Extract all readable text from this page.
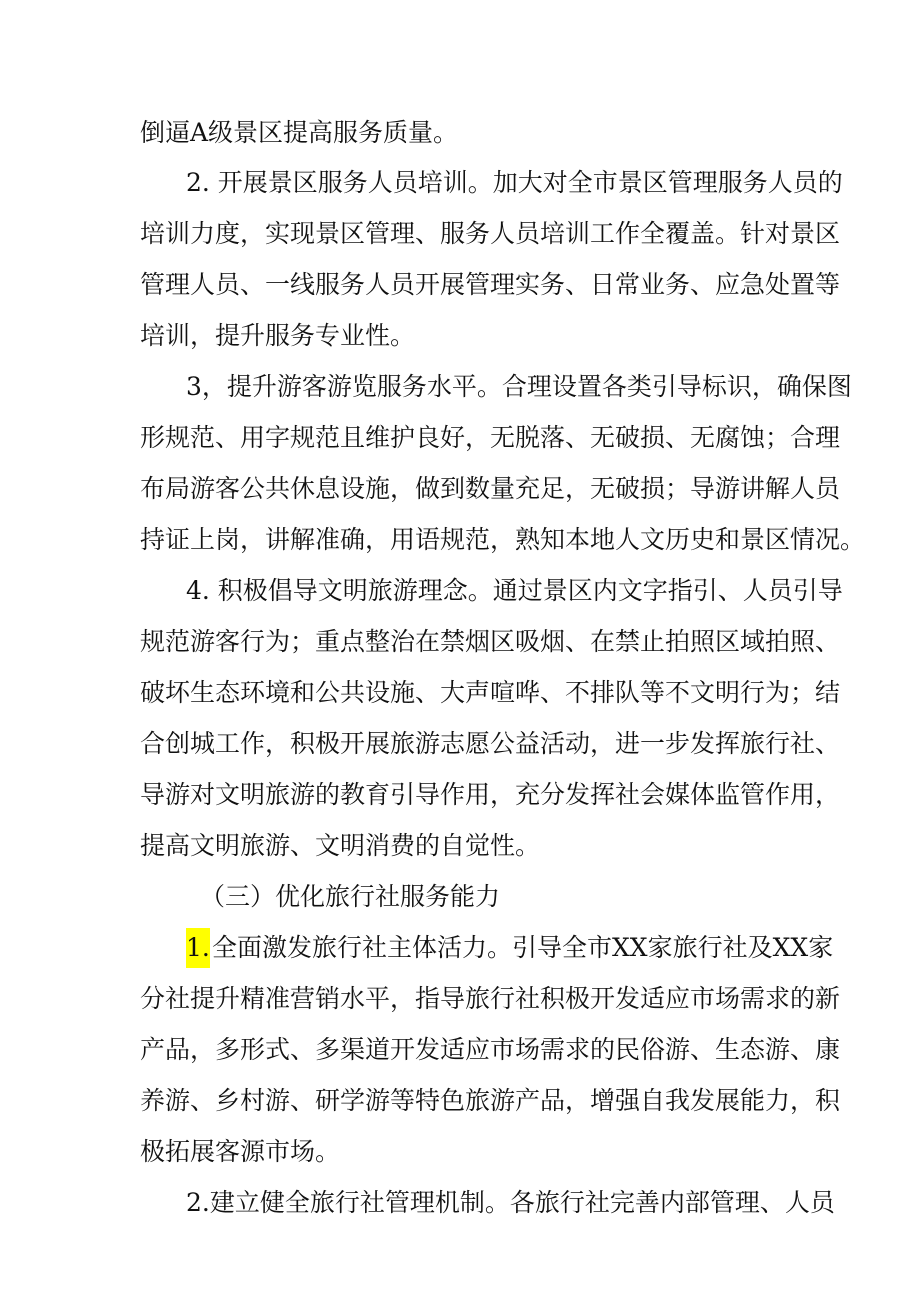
倒逼A级景区提高服务质量。
2. 开展景区服务人员培训。加大对全市景区管理服务人员的
培训力度，实现景区管理、服务人员培训工作全覆盖。针对景区
管理人员、一线服务人员开展管理实务、日常业务、应急处置等
培训，提升服务专业性。
3，提升游客游览服务水平。合理设置各类引导标识，确保图
形规范、用字规范且维护良好，无脱落、无破损、无腐蚀；合理
布局游客公共休息设施，做到数量充足，无破损；导游讲解人员
持证上岗，讲解准确，用语规范，熟知本地人文历史和景区情况。
4. 积极倡导文明旅游理念。通过景区内文字指引、人员引导
规范游客行为；重点整治在禁烟区吸烟、在禁止拍照区域拍照、
破坏生态环境和公共设施、大声喧哗、不排队等不文明行为；结
合创城工作，积极开展旅游志愿公益活动，进一步发挥旅行社、
导游对文明旅游的教育引导作用，充分发挥社会媒体监管作用，
提高文明旅游、文明消费的自觉性。
（三）优化旅行社服务能力
1. 全面激发旅行社主体活力。引导全市XX家旅行社及XX家
分社提升精准营销水平，指导旅行社积极开发适应市场需求的新
产品，多形式、多渠道开发适应市场需求的民俗游、生态游、康
养游、乡村游、研学游等特色旅游产品，增强自我发展能力，积
极拓展客源市场。
2.建立健全旅行社管理机制。各旅行社完善内部管理、人员
